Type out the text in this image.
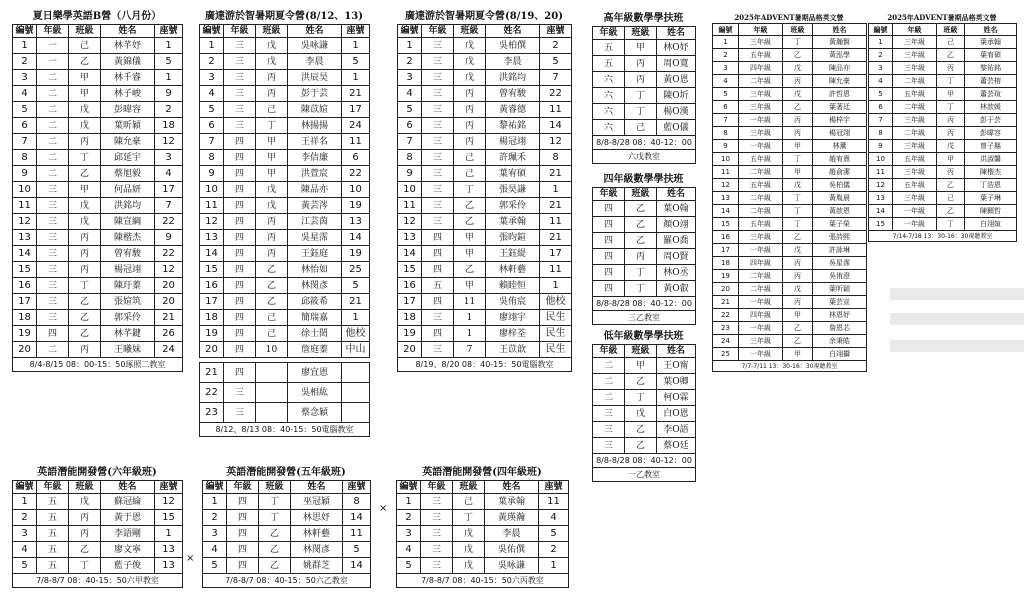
夏日樂學英語B營（八月份）
編號	年級	班級	姓名	座號
1	一	己	林芊妤	1
2	一	乙	黃錦儀	5
3	二	甲	林千睿	1
4	二	甲	林子峻	9
5	二	戊	彭暐容	2
6	二	戊	葉昕穎	18
7	二	丙	陳允豪	12
8	二	丁	邱延宇	3
9	二	乙	蔡旭毅	4
10	三	甲	何品妍	17
11	三	戊	洪銘均	7
12	三	戊	陳宣綱	22
13	三	丙	陳楷杰	9
14	三	丙	曾宥駿	22
15	三	丙	楊冠翊	12
16	三	丁	陳玗蓁	20
17	三	乙	張媗筑	20
18	三	乙	郭采伶	21
19	四	乙	林芊鍵	26
20	二	丙	王曦妹	24
8/4-8/15 08：00-15：50琢照二教室				
廣達游於智暑期夏令營(8/12、13)
編號	年級	班級	姓名	座號
1	三	戊	吳咏謙	1
2	三	戊	李晨	5
3	三	丙	洪辰昊	1
4	三	丙	彭于芸	21
5	三	己	陳苡媗	17
6	三	丁	林揚揚	24
7	四	甲	王祥名	11
8	四	甲	李佶廉	6
9	四	甲	洪萱宸	22
10	四	戊	陳品亦	10
11	四	戊	黃芸涔	19
12	四	丙	江芸茵	13
13	四	丙	吳星霈	14
14	四	丙	王鈺庭	19
15	四	乙	林怡如	25
16	四	乙	林閔彥	5
17	四	乙	邱筱希	21
18	四	己	簡瑞嘉	1
19	四	己	徐士閎	他校
20	四	10	詹庭蓁	中山
21	四		廖宜恩	
22	三		吳相紘	
23	三		蔡念穎	
8/12、8/13 08：40-15：50電腦教室				
廣達游於智暑期夏令營(8/19、20)
編號	年級	班級	姓名	座號
1	三	戊	吳柏僎	2
2	三	戊	李晨	5
3	三	戊	洪銘均	7
4	三	丙	曾宥駿	22
5	三	丙	黃睿德	11
6	三	丙	黎祐銘	14
7	三	丙	楊冠翊	12
8	三	己	許珮禾	8
9	三	己	葉宥碩	21
10	三	丁	張昊謙	1
11	三	乙	郭采伶	21
12	三	乙	葉承翰	11
13	四	甲	張昀鍹	21
14	四	甲	王鈺緹	17
15	四	乙	林軒藝	11
16	五	甲	賴睦恒	1
17	四	11	吳侑宸	他校
18	三	1	廖翊宇	民生
19	四	1	廖梓荃	民生
20	三	7	王苡歆	民生
8/19、8/20 08：40-15：50電腦教室				
高年級數學學扶班
年級	班級	姓名
五	甲	林O妤
五	丙	周O寬
六	丙	黃O恩
六	丁	陳O圻
六	丁	楊O漢
六	己	藍O儀
8/8-8/28 08：40-12：00		
六戊教室		
四年級數學學扶班
年級	班級	姓名
四	乙	葉O翰
四	乙	顏O翊
四	乙	羅O喬
四	丙	周O賢
四	丁	林O丞
四	丁	黃O叡
8/8-8/28 08：40-12：00		
三乙教室		
低年級數學學扶班
年級	班級	姓名
二	甲	王O甯
二	乙	葉O卿
二	丁	柯O霖
三	戊	白O恩
三	乙	李O語
三	乙	蔡O廷
8/8-8/28 08：40-12：00		
一乙教室		
2025年ADVENT暑期品格英文營
編號	年級	班級	姓名
1	三年級	丁	黃瀚賢
2	五年級	乙	黃泓學
3	四年級	戊	陳品亦
4	二年級	丙	陳允豪
5	三年級	戊	許哲恩
6	三年級	乙	葉著廷
7	一年級	丙	楊梓宇
8	三年級	丙	楊冠翊
9	一年級	甲	林薰
10	五年級	丁	趙宥熹
11	二年級	甲	趙俞潔
12	五年級	戊	吳柏儀
13	二年級	丁	黃胤晨
14	二年級	丁	黃歆恩
15	五年級	丁	葉子榮
16	三年級	乙	張詩熙
17	一年級	戊	許詠琳
18	四年級	丙	吳星霈
19	二年級	丙	吳侑澄
20	二年級	戊	葉昕穎
21	一年級	丙	葉芸宣
22	四年級	甲	林恩妤
23	一年級	乙	詹恩芯
24	三年級	乙	余秉皓
25	一年級	甲	白翊攝
7/7-7/11 13：30-16：30視聽教室			
2025年ADVENT暑期品格英文營
編號	年級	班級	姓名
1	三年級	己	葉承翰
2	三年級	乙	葉宥碩
3	三年級	丙	黎祐銘
4	二年級	丁	蕭芸榕
5	五年級	甲	蕭芸瑄
6	二年級	丁	林歆媛
7	三年級	丙	彭于芸
8	二年級	丙	彭暐容
9	三年級	戊	曾子縣
10	五年級	甲	洪淑馨
11	三年級	丙	陳楷杰
12	五年級	乙	丁浩恩
13	三年級	己	葉子琳
14	一年級	乙	陳顥哲
15	一年級	丁	白翊媗
7/14-7/18 13：30-16：30視聽教室			
英語潛能開發營(六年級班)
編號	年級	班級	姓名	座號
1	五	戊	蘇冠綸	12
2	五	丙	黃于恩	15
3	五	丙	李語剛	1
4	五	乙	廖文寧	13
5	五	丁	藍子俊	13
7/8-8/7 08：40-15：50六甲教室				
×
英語潛能開發營(五年級班)
編號	年級	班級	姓名	座號
1	四	丁	巫冠穎	8
2	四	丁	林思妤	14
3	四	乙	林軒藝	11
4	四	乙	林閔彥	5
5	四	乙	姚群芝	14
7/8-8/7 08：40-15：50六乙教室				
×
英語潛能開發營(四年級班)
編號	年級	班級	姓名	座號
1	三	己	葉承翰	11
2	三	丁	黃瑛瀚	4
3	三	戊	李晨	5
4	三	戊	吳佑僎	2
5	三	戊	吳咏謙	1
7/8-8/7 08：40-15：50六丙教室				
